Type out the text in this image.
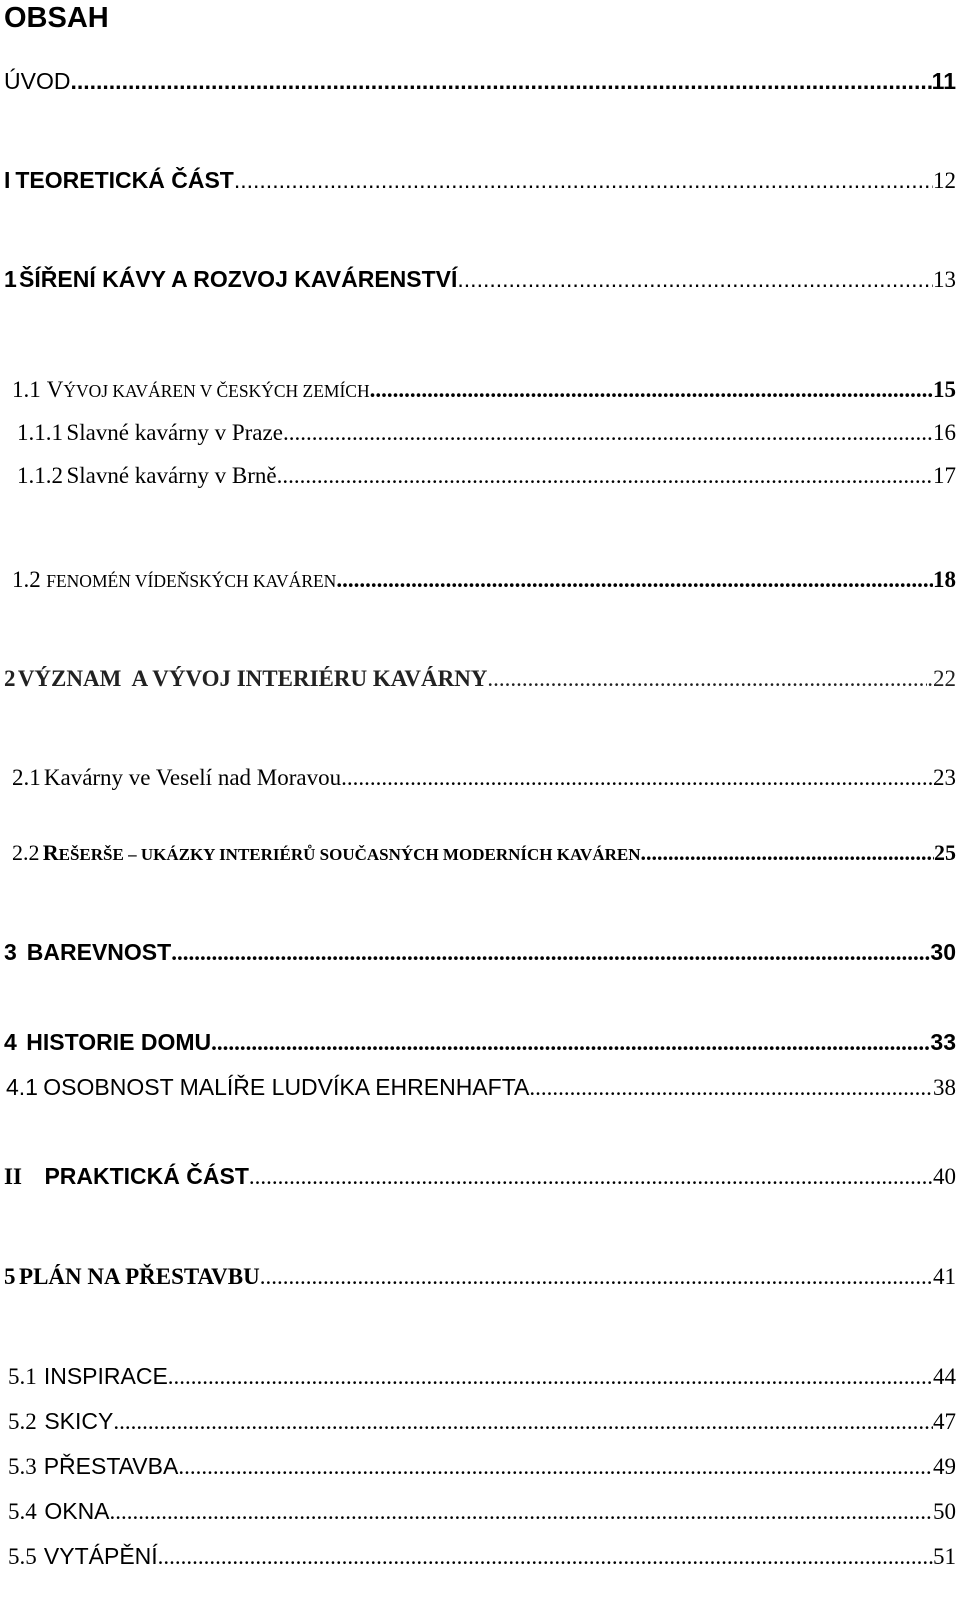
OBSAH
ÚVOD .....	11
I TEORETICKÁ ČÁST .....	12
1 ŠÍŘENÍ KÁVY A ROZVOJ KAVÁRENSTVÍ .....	13
1.1 VÝVOJ KAVÁREN V ČESKÝCH ZEMÍCH .....	15
1.1.1 Slavné kavárny v Praze .....	16
1.1.2 Slavné kavárny v Brně .....	17
1.2 FENOMÉN VÍDEŇSKÝCH KAVÁREN .....	18
2 VÝZNAM  A VÝVOJ INTERIÉRU KAVÁRNY .....	.22
2.1 Kavárny ve Veselí nad Moravou .....	23
2.2 REŠERŠE – UKÁZKY INTERIÉRŮ SOUČASNÝCH MODERNÍCH KAVÁREN .....	25
3 BAREVNOST .....	30
4 HISTORIE DOMU .....	33
4.1 OSOBNOST MALÍŘE LUDVÍKA EHRENHAFTA .....	38
II PRAKTICKÁ ČÁST .....	40
5 PLÁN NA PŘESTAVBU .....	41
5.1 INSPIRACE .....	44
5.2 SKICY .....	47
5.3 PŘESTAVBA .....	49
5.4 OKNA .....	50
5.5 VYTÁPĚNÍ .....	51
